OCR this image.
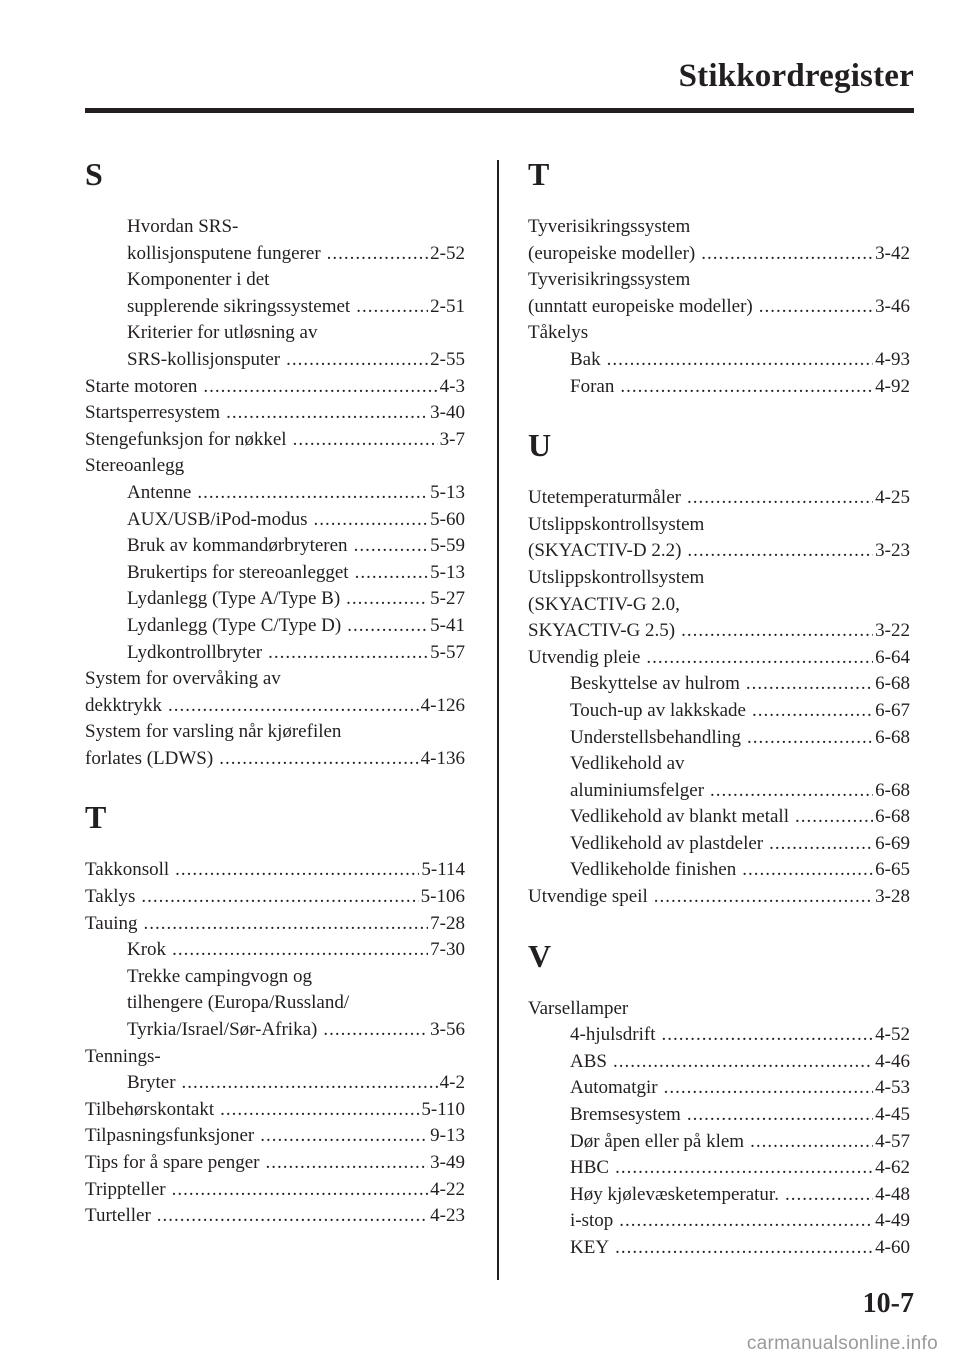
Stikkordregister
S
Hvordan SRS-
kollisjonsputene fungerer .....	2-52
Komponenter i det
supplerende sikringssystemet .....	2-51
Kriterier for utløsning av
SRS-kollisjonsputer .....	2-55
Starte motoren .....	4-3
Startsperresystem .....	3-40
Stengefunksjon for nøkkel .....	3-7
Stereoanlegg
Antenne .....	5-13
AUX/USB/iPod-modus .....	5-60
Bruk av kommandørbryteren .....	5-59
Brukertips for stereoanlegget .....	5-13
Lydanlegg (Type A/Type B) .....	5-27
Lydanlegg (Type C/Type D) .....	5-41
Lydkontrollbryter .....	5-57
System for overvåking av
dekktrykk .....	4-126
System for varsling når kjørefilen
forlates (LDWS) .....	4-136
T
Takkonsoll .....	5-114
Taklys .....	5-106
Tauing .....	7-28
Krok .....	7-30
Trekke campingvogn og
tilhengere (Europa/Russland/
Tyrkia/Israel/Sør-Afrika) .....	3-56
Tennings-
Bryter .....	4-2
Tilbehørskontakt .....	5-110
Tilpasningsfunksjoner .....	9-13
Tips for å spare penger .....	3-49
Trippteller .....	4-22
Turteller .....	4-23
T
Tyverisikringssystem
(europeiske modeller) .....	3-42
Tyverisikringssystem
(unntatt europeiske modeller) .....	3-46
Tåkelys
Bak .....	4-93
Foran .....	4-92
U
Utetemperaturmåler .....	4-25
Utslippskontrollsystem
(SKYACTIV-D 2.2) .....	3-23
Utslippskontrollsystem
(SKYACTIV-G 2.0,
SKYACTIV-G 2.5) .....	3-22
Utvendig pleie .....	6-64
Beskyttelse av hulrom .....	6-68
Touch-up av lakkskade .....	6-67
Understellsbehandling .....	6-68
Vedlikehold av
aluminiumsfelger .....	6-68
Vedlikehold av blankt metall .....	6-68
Vedlikehold av plastdeler .....	6-69
Vedlikeholde finishen .....	6-65
Utvendige speil .....	3-28
V
Varsellamper
4-hjulsdrift .....	4-52
ABS .....	4-46
Automatgir .....	4-53
Bremsesystem .....	4-45
Dør åpen eller på klem .....	4-57
HBC .....	4-62
Høy kjølevæsketemperatur. .....	4-48
i-stop .....	4-49
KEY .....	4-60
10-7
carmanualsonline.info
